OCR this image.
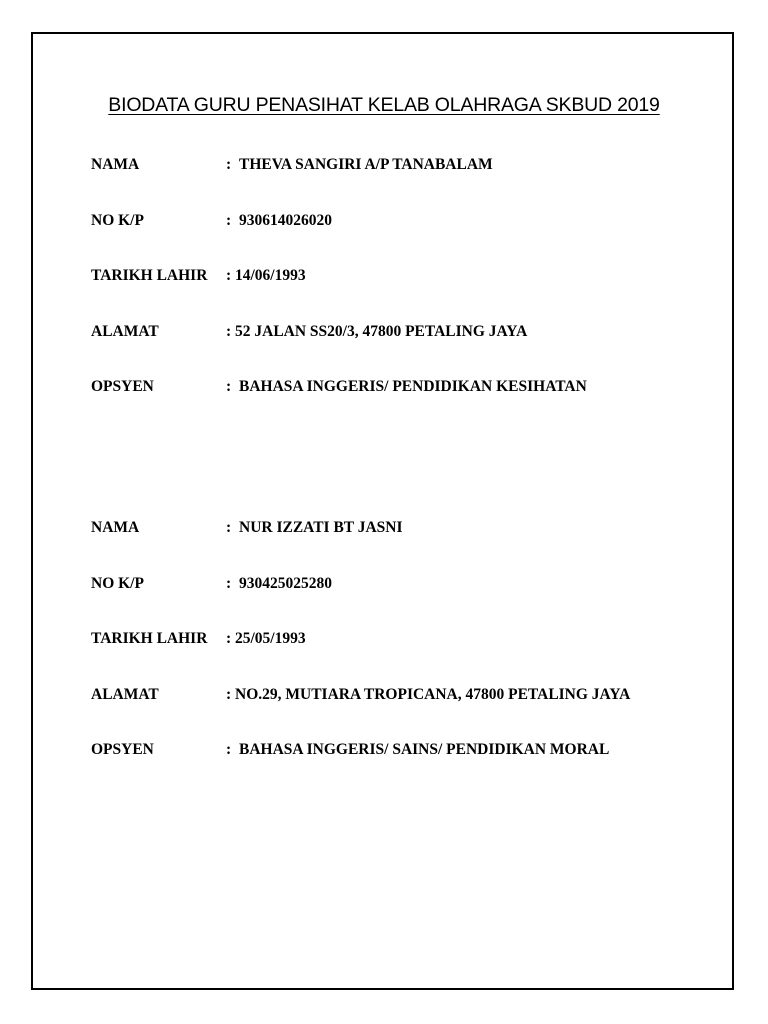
BIODATA GURU PENASIHAT KELAB OLAHRAGA SKBUD 2019
NAMA	: THEVA SANGIRI A/P TANABALAM
NO K/P	: 930614026020
TARIKH LAHIR : 14/06/1993
ALAMAT	: 52 JALAN SS20/3, 47800 PETALING JAYA
OPSYEN	: BAHASA INGGERIS/ PENDIDIKAN KESIHATAN
NAMA	: NUR IZZATI BT JASNI
NO K/P	: 930425025280
TARIKH LAHIR : 25/05/1993
ALAMAT	: NO.29, MUTIARA TROPICANA, 47800 PETALING JAYA
OPSYEN	: BAHASA INGGERIS/ SAINS/ PENDIDIKAN MORAL
